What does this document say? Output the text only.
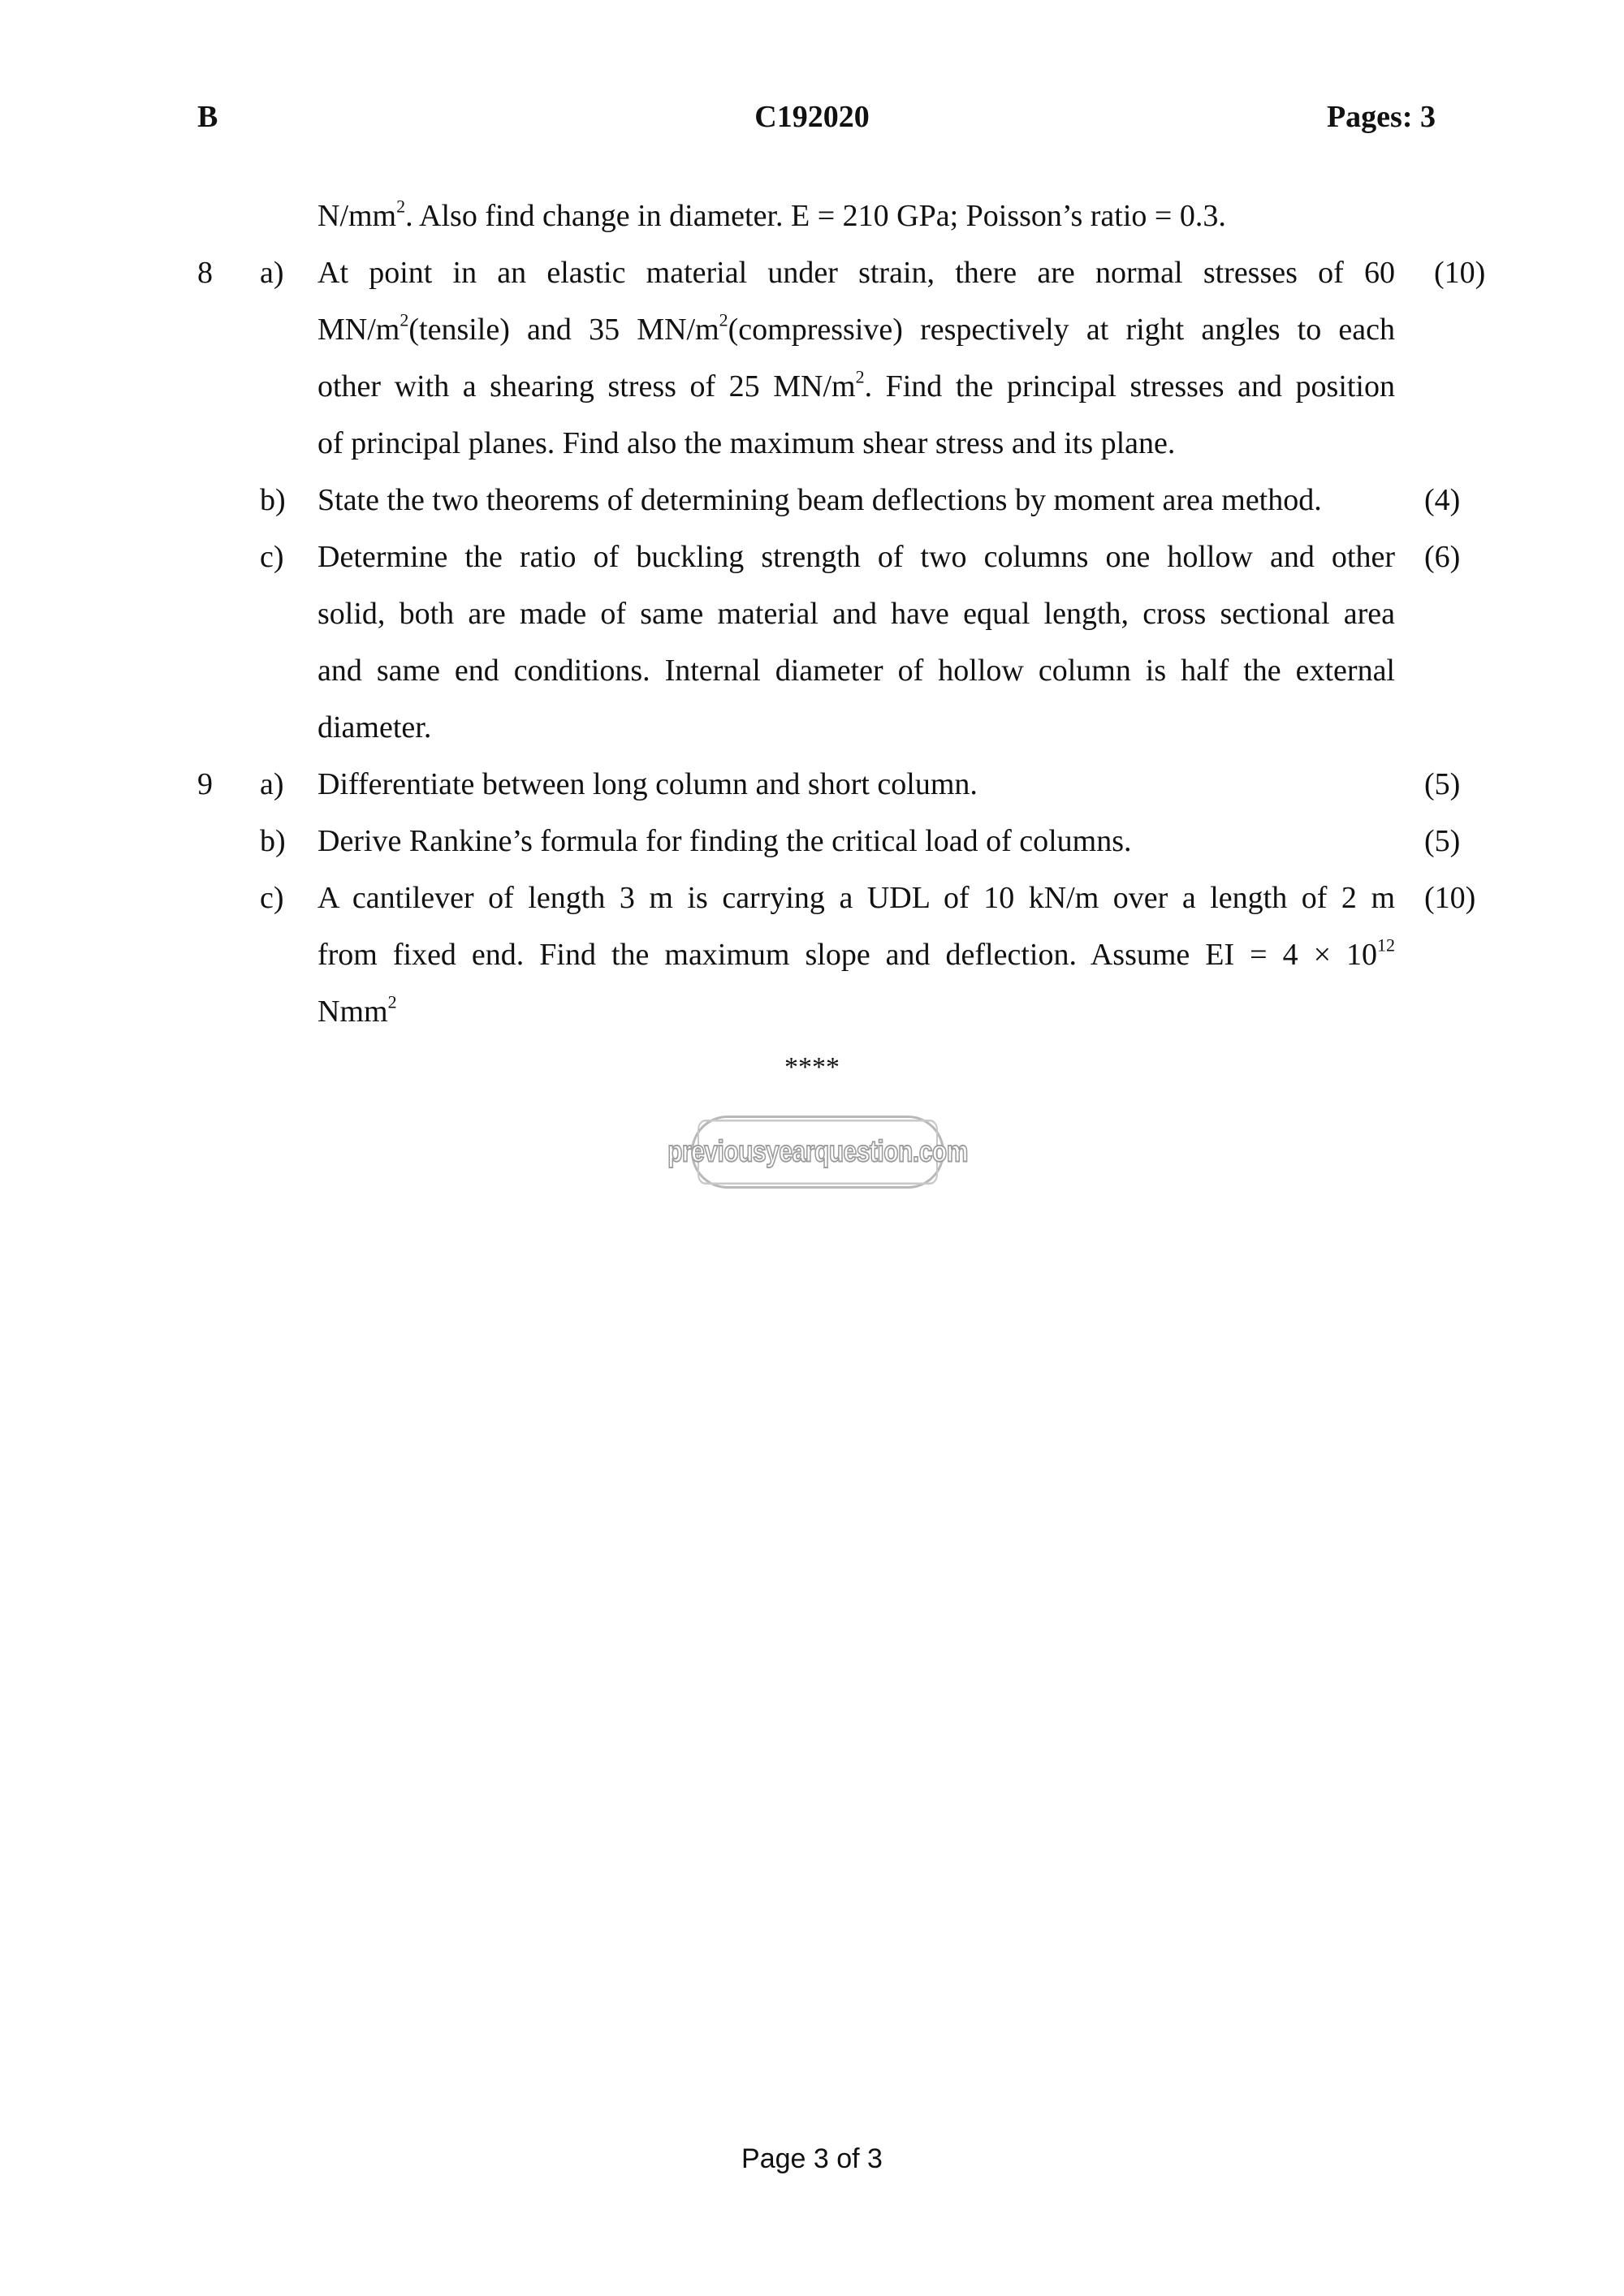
C192020
B	Pages: 3
$N/mm^2$. Also find change in diameter. E = 210 GPa; Poisson’s ratio = 0.3.
8 a) At point in an elastic material under strain, there are normal stresses of 60 (10)
$MN/m^2(tensile)$ and 35 $MN/m^2(compressive)$ respectively at right angles to each
other with a shearing stress of 25 $MN/m^2$. Find the principal stresses and position
of principal planes. Find also the maximum shear stress and its plane.
b) State the two theorems of determining beam deflections by moment area method.	(4)
c) Determine the ratio of buckling strength of two columns one hollow and other (6)
solid, both are made of same material and have equal length, cross sectional area
and same end conditions. Internal diameter of hollow column is half the external
diameter.
9 a) Differentiate between long column and short column.	(5)
b) Derive Rankine’s formula for finding the critical load of columns.	(5)
c) A cantilever of length 3 m is carrying a UDL of 10 kN/m over a length of 2 m (10)
from fixed end. Find the maximum slope and deflection. Assume EI = $4 \times 10^{12}$
Nmm$^2$
****
previousyearquestion.com
Page 3 of 3
